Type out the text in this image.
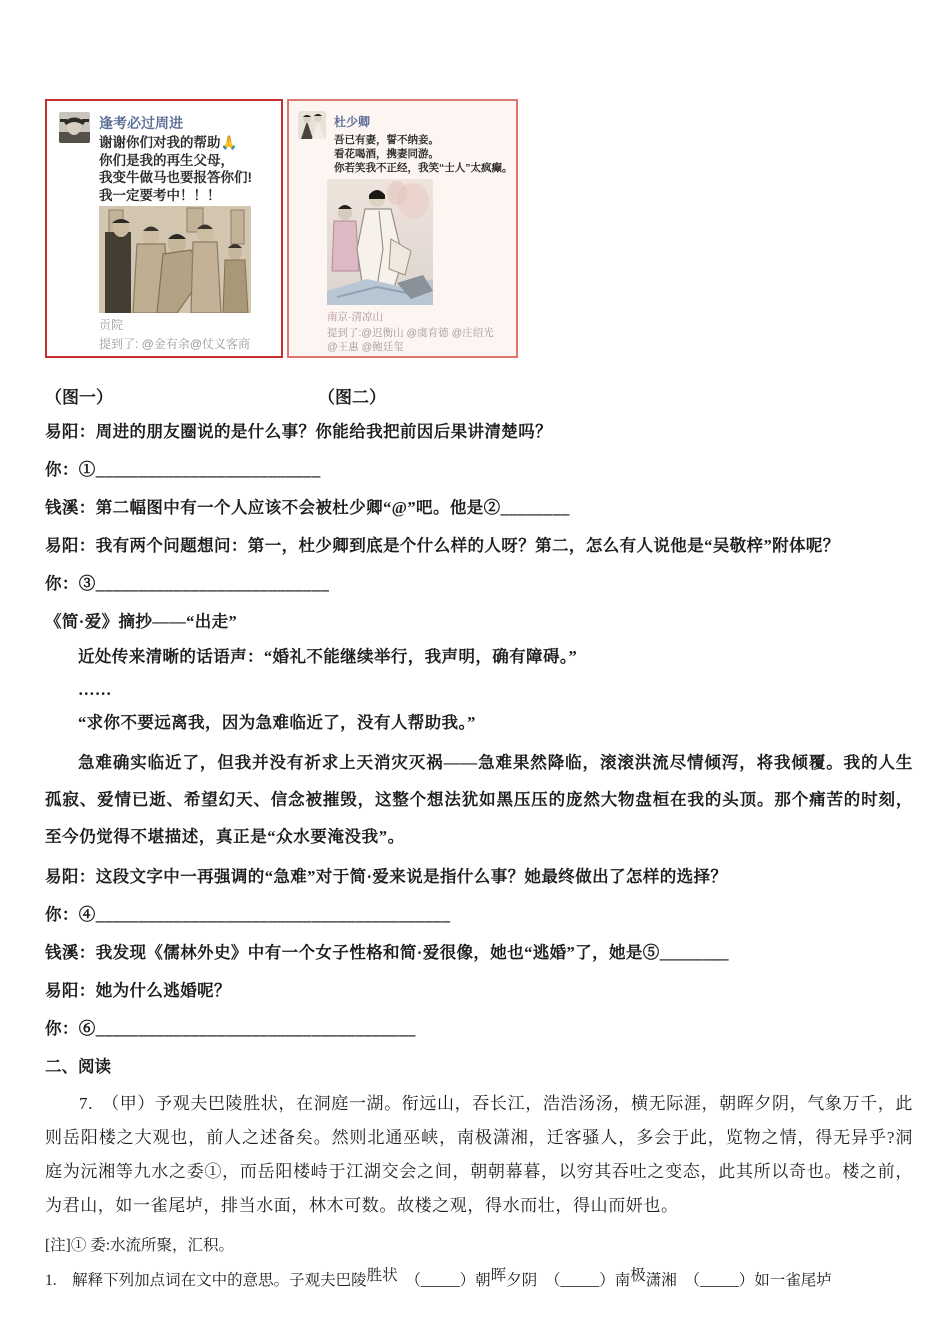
逢考必过周进
谢谢你们对我的帮助🙏
你们是我的再生父母，
我变牛做马也要报答你们!
我一定要考中！！！
贡院
提到了: @金有余@仗义客商
杜少卿
吾已有妻，誓不纳妾。
看花喝酒，携妻同游。
你若笑我不正经，我笑“士人”太疯癫。
南京·清凉山
提到了:@迟衡山 @虞育德 @庄绍光
@王惠 @鲍廷玺
（图一）	（图二）

易阳：周进的朋友圈说的是什么事？你能给我把前因后果讲清楚吗？

你：①__________________________

钱溪：第二幅图中有一个人应该不会被杜少卿“@”吧。他是②________

易阳：我有两个问题想问：第一，杜少卿到底是个什么样的人呀？第二，怎么有人说他是“吴敬梓”附体呢？

你：③___________________________

《简·爱》摘抄——“出走”

近处传来清晰的话语声：“婚礼不能继续举行，我声明，确有障碍。”

……

“求你不要远离我，因为急难临近了，没有人帮助我。”

急难确实临近了，但我并没有祈求上天消灾灭祸——急难果然降临，滚滚洪流尽情倾泻，将我倾覆。我的人生孤寂、爱情已逝、希望幻天、信念被摧毁，这整个想法犹如黑压压的庞然大物盘桓在我的头顶。那个痛苦的时刻，至今仍觉得不堪描述，真正是“众水要淹没我”。

易阳：这段文字中一再强调的“急难”对于简·爱来说是指什么事？她最终做出了怎样的选择？

你：④_________________________________________

钱溪：我发现《儒林外史》中有一个女子性格和简·爱很像，她也“逃婚”了，她是⑤________

易阳：她为什么逃婚呢？

你：⑥_____________________________________

二、阅读

7.　（甲）予观夫巴陵胜状，在洞庭一湖。衔远山，吞长江，浩浩汤汤，横无际涯，朝晖夕阴，气象万千，此则岳阳楼之大观也，前人之述备矣。然则北通巫峡，南极潇湘，迁客骚人，多会于此，览物之情，得无异乎?洞庭为沅湘等九水之委①，而岳阳楼峙于江湖交会之间，朝朝幕暮，以穷其吞吐之变态，此其所以奇也。楼之前，为君山，如一雀尾垆，排当水面，林木可数。故楼之观，得水而壮，得山而妍也。

[注]① 委:水流所聚，汇积。

1.　解释下列加点词在文中的意思。子观夫巴陵胜状　（_____）朝晖夕阴　（_____）南极潇湘　（_____）如一雀尾垆
